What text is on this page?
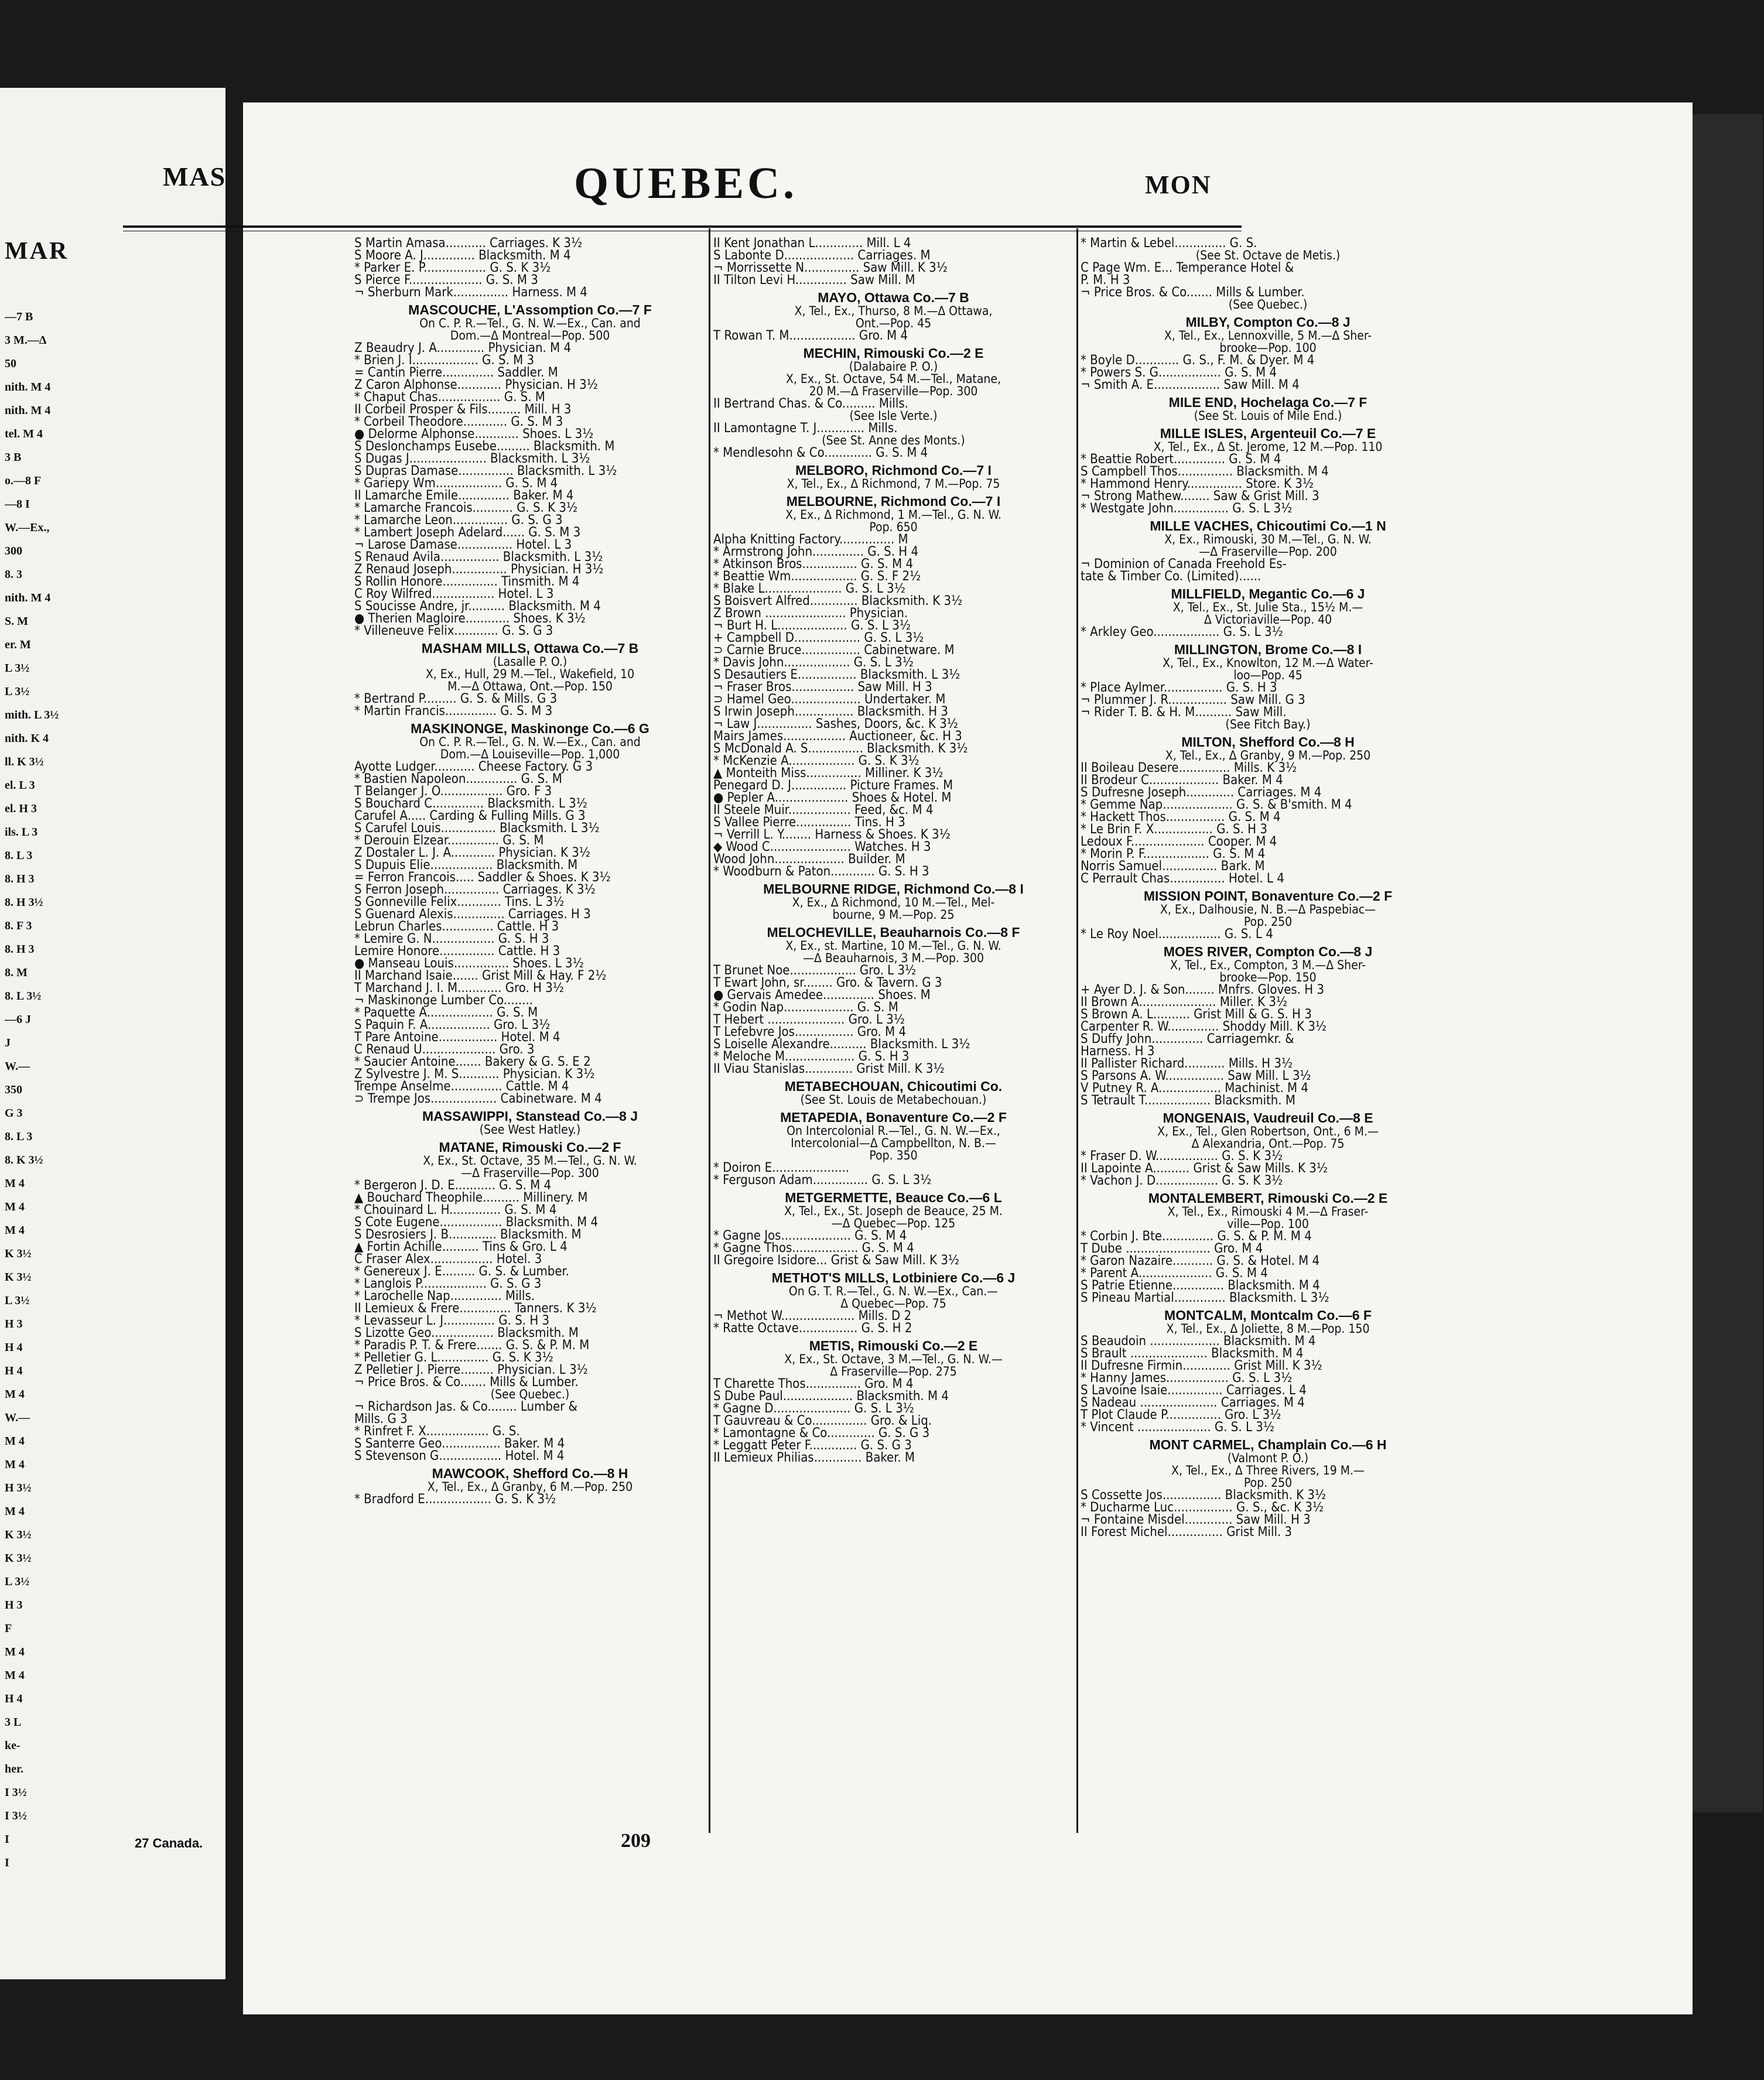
MAR
—7 B
3 M.—Δ
50
nith. M 4
nith. M 4
tel. M 4
3 B
o.—8 F
—8 I
W.—Ex.,
300
8. 3
nith. M 4
S. M
er. M
L 3½
L 3½
mith. L 3½
nith. K 4
ll. K 3½
el. L 3
el. H 3
ils. L 3
8. L 3
8. H 3
8. H 3½
8. F 3
8. H 3
8. M
8. L 3½
—6 J
J
W.—
350
G 3
8. L 3
8. K 3½
M 4
M 4
M 4
K 3½
K 3½
L 3½
H 3
H 4
H 4
M 4
W.—
M 4
M 4
H 3½
M 4
K 3½
K 3½
L 3½
H 3
F
M 4
M 4
H 4
3 L
ke-
her.
I 3½
I 3½
I
I
MAS	QUEBEC.	MON
S Martin Amasa........... Carriages. K 3½
S Moore A. J.............. Blacksmith. M 4
* Parker E. P................. G. S. K 3½
S Pierce F.................... G. S. M 3
¬ Sherburn Mark............... Harness. M 4
MASCOUCHE, L'Assomption Co.—7 F
On C. P. R.—Tel., G. N. W.—Ex., Can. and
Dom.—Δ Montreal—Pop. 500
Z Beaudry J. A............. Physician. M 4
* Brien J. I.................. G. S. M 3
= Cantin Pierre.............. Saddler. M
Z Caron Alphonse............ Physician. H 3½
* Chaput Chas................. G. S. M
II Corbeil Prosper & Fils......... Mill. H 3
* Corbeil Theodore............ G. S. M 3
● Delorme Alphonse............ Shoes. L 3½
S Deslonchamps Eusebe......... Blacksmith. M
S Dugas J..................... Blacksmith. L 3½
S Dupras Damase............... Blacksmith. L 3½
* Gariepy Wm.................. G. S. M 4
II Lamarche Emile.............. Baker. M 4
* Lamarche Francois........... G. S. K 3½
* Lamarche Leon............... G. S. G 3
* Lambert Joseph Adelard...... G. S. M 3
¬ Larose Damase............... Hotel. L 3
S Renaud Avila................ Blacksmith. L 3½
Z Renaud Joseph............... Physician. H 3½
S Rollin Honore............... Tinsmith. M 4
C Roy Wilfred................. Hotel. L 3
S Soucisse Andre, jr.......... Blacksmith. M 4
● Therien Magloire............ Shoes. K 3½
* Villeneuve Felix............ G. S. G 3
MASHAM MILLS, Ottawa Co.—7 B
(Lasalle P. O.)
X, Ex., Hull, 29 M.—Tel., Wakefield, 10
M.—Δ Ottawa, Ont.—Pop. 150
* Bertrand P......... G. S. & Mills. G 3
* Martin Francis.............. G. S. M 3
MASKINONGE, Maskinonge Co.—6 G
On C. P. R.—Tel., G. N. W.—Ex., Can. and
Dom.—Δ Louiseville—Pop. 1,000
Ayotte Ludger........... Cheese Factory. G 3
* Bastien Napoleon.............. G. S. M
T Belanger J. O................. Gro. F 3
S Bouchard C.............. Blacksmith. L 3½
Carufel A..... Carding & Fulling Mills. G 3
S Carufel Louis............... Blacksmith. L 3½
* Derouin Elzear.............. G. S. M
Z Dostaler L. J. A............ Physician. K 3½
S Dupuis Elie................. Blacksmith. M
= Ferron Francois..... Saddler & Shoes. K 3½
S Ferron Joseph............... Carriages. K 3½
S Gonneville Felix............ Tins. L 3½
S Guenard Alexis.............. Carriages. H 3
Lebrun Charles.............. Cattle. H 3
* Lemire G. N................. G. S. H 3
Lemire Honore............... Cattle. H 3
● Manseau Louis............... Shoes. L 3½
II Marchand Isaie....... Grist Mill & Hay. F 2½
T Marchand J. I. M............ Gro. H 3½
¬ Maskinonge Lumber Co........
* Paquette A.................. G. S. M
S Paquin F. A................. Gro. L 3½
T Pare Antoine................ Hotel. M 4
C Renaud U.................... Gro. 3
* Saucier Antoine....... Bakery & G. S. E 2
Z Sylvestre J. M. S........... Physician. K 3½
Trempe Anselme.............. Cattle. M 4
⊃ Trempe Jos.................. Cabinetware. M 4
MASSAWIPPI, Stanstead Co.—8 J
(See West Hatley.)
MATANE, Rimouski Co.—2 F
X, Ex., St. Octave, 35 M.—Tel., G. N. W.
—Δ Fraserville—Pop. 300
* Bergeron J. D. E........... G. S. M 4
▲ Bouchard Theophile.......... Millinery. M
* Chouinard L. H.............. G. S. M 4
S Cote Eugene................. Blacksmith. M 4
S Desrosiers J. B............. Blacksmith. M
▲ Fortin Achille.......... Tins & Gro. L 4
C Fraser Alex................. Hotel. 3
* Genereux J. E......... G. S. & Lumber.
* Langlois P.................. G. S. G 3
* Larochelle Nap.............. Mills.
II Lemieux & Frere.............. Tanners. K 3½
* Levasseur L. J.............. G. S. H 3
S Lizotte Geo................. Blacksmith. M
* Paradis P. T. & Frere....... G. S. & P. M. M
* Pelletier G. L.............. G. S. K 3½
Z Pelletier J. Pierre......... Physician. L 3½
¬ Price Bros. & Co....... Mills & Lumber.
(See Quebec.)
¬ Richardson Jas. & Co........ Lumber &
Mills. G 3
* Rinfret F. X................. G. S.
S Santerre Geo................ Baker. M 4
S Stevenson G................. Hotel. M 4
MAWCOOK, Shefford Co.—8 H
X, Tel., Ex., Δ Granby, 6 M.—Pop. 250
* Bradford E.................. G. S. K 3½
II Kent Jonathan L............. Mill. L 4
S Labonte D................... Carriages. M
¬ Morrissette N............... Saw Mill. K 3½
II Tilton Levi H.............. Saw Mill. M
MAYO, Ottawa Co.—7 B
X, Tel., Ex., Thurso, 8 M.—Δ Ottawa,
Ont.—Pop. 45
T Rowan T. M.................. Gro. M 4
MECHIN, Rimouski Co.—2 E
(Dalabaire P. O.)
X, Ex., St. Octave, 54 M.—Tel., Matane,
20 M.—Δ Fraserville—Pop. 300
II Bertrand Chas. & Co......... Mills.
(See Isle Verte.)
II Lamontagne T. J............. Mills.
(See St. Anne des Monts.)
* Mendlesohn & Co............. G. S. M 4
MELBORO, Richmond Co.—7 I
X, Tel., Ex., Δ Richmond, 7 M.—Pop. 75
MELBOURNE, Richmond Co.—7 I
X, Ex., Δ Richmond, 1 M.—Tel., G. N. W.
Pop. 650
Alpha Knitting Factory............... M
* Armstrong John.............. G. S. H 4
* Atkinson Bros............... G. S. M 4
* Beattie Wm.................. G. S. F 2½
* Blake L..................... G. S. L 3½
S Boisvert Alfred............. Blacksmith. K 3½
Z Brown ...................... Physician.
¬ Burt H. L................... G. S. L 3½
+ Campbell D.................. G. S. L 3½
⊃ Carnie Bruce................ Cabinetware. M
* Davis John.................. G. S. L 3½
S Desautiers E................ Blacksmith. L 3½
¬ Fraser Bros................. Saw Mill. H 3
⊃ Hamel Geo................... Undertaker. M
S Irwin Joseph................ Blacksmith. H 3
¬ Law J............... Sashes, Doors, &c. K 3½
Mairs James................. Auctioneer, &c. H 3
S McDonald A. S............... Blacksmith. K 3½
* McKenzie A.................. G. S. K 3½
▲ Monteith Miss............... Milliner. K 3½
Penegard D. J............... Picture Frames. M
● Pepler A.................... Shoes & Hotel. M
II Steele Muir................. Feed, &c. M 4
S Vallee Pierre............... Tins. H 3
¬ Verrill L. Y........ Harness & Shoes. K 3½
◆ Wood C...................... Watches. H 3
Wood John................... Builder. M
* Woodburn & Paton............ G. S. H 3
MELBOURNE RIDGE, Richmond Co.—8 I
X, Ex., Δ Richmond, 10 M.—Tel., Mel-
bourne, 9 M.—Pop. 25
MELOCHEVILLE, Beauharnois Co.—8 F
X, Ex., st. Martine, 10 M.—Tel., G. N. W.
—Δ Beauharnois, 3 M.—Pop. 300
T Brunet Noe.................. Gro. L 3½
T Ewart John, sr........ Gro. & Tavern. G 3
● Gervais Amedee.............. Shoes. M
* Godin Nap................... G. S. M
T Hebert ..................... Gro. L 3½
T Lefebvre Jos................ Gro. M 4
S Loiselle Alexandre.......... Blacksmith. L 3½
* Meloche M................... G. S. H 3
II Viau Stanislas............. Grist Mill. K 3½
METABECHOUAN, Chicoutimi Co.
(See St. Louis de Metabechouan.)
METAPEDIA, Bonaventure Co.—2 F
On Intercolonial R.—Tel., G. N. W.—Ex.,
Intercolonial—Δ Campbellton, N. B.—
Pop. 350
* Doiron E.....................
* Ferguson Adam............... G. S. L 3½
METGERMETTE, Beauce Co.—6 L
X, Tel., Ex., St. Joseph de Beauce, 25 M.
—Δ Quebec—Pop. 125
* Gagne Jos................... G. S. M 4
* Gagne Thos.................. G. S. M 4
II Gregoire Isidore... Grist & Saw Mill. K 3½
METHOT'S MILLS, Lotbiniere Co.—6 J
On G. T. R.—Tel., G. N. W.—Ex., Can.—
Δ Quebec—Pop. 75
¬ Methot W.................... Mills. D 2
* Ratte Octave................ G. S. H 2
METIS, Rimouski Co.—2 E
X, Ex., St. Octave, 3 M.—Tel., G. N. W.—
Δ Fraserville—Pop. 275
T Charette Thos............... Gro. M 4
S Dube Paul................... Blacksmith. M 4
* Gagne D..................... G. S. L 3½
T Gauvreau & Co............... Gro. & Liq.
* Lamontagne & Co............. G. S. G 3
* Leggatt Peter F............. G. S. G 3
II Lemieux Philias............. Baker. M
* Martin & Lebel.............. G. S.
(See St. Octave de Metis.)
C Page Wm. E... Temperance Hotel &
P. M. H 3
¬ Price Bros. & Co....... Mills & Lumber.
(See Quebec.)
MILBY, Compton Co.—8 J
X, Tel., Ex., Lennoxville, 5 M.—Δ Sher-
brooke—Pop. 100
* Boyle D............ G. S., F. M. & Dyer. M 4
* Powers S. G................. G. S. M 4
¬ Smith A. E.................. Saw Mill. M 4
MILE END, Hochelaga Co.—7 F
(See St. Louis of Mile End.)
MILLE ISLES, Argenteuil Co.—7 E
X, Tel., Ex., Δ St. Jerome, 12 M.—Pop. 110
* Beattie Robert.............. G. S. M 4
S Campbell Thos............... Blacksmith. M 4
* Hammond Henry............... Store. K 3½
¬ Strong Mathew........ Saw & Grist Mill. 3
* Westgate John............... G. S. L 3½
MILLE VACHES, Chicoutimi Co.—1 N
X, Ex., Rimouski, 30 M.—Tel., G. N. W.
—Δ Fraserville—Pop. 200
¬ Dominion of Canada Freehold Es-
tate & Timber Co. (Limited)......
MILLFIELD, Megantic Co.—6 J
X, Tel., Ex., St. Julie Sta., 15½ M.—
Δ Victoriaville—Pop. 40
* Arkley Geo.................. G. S. L 3½
MILLINGTON, Brome Co.—8 I
X, Tel., Ex., Knowlton, 12 M.—Δ Water-
loo—Pop. 45
* Place Aylmer................ G. S. H 3
¬ Plummer J. R................ Saw Mill. G 3
¬ Rider T. B. & H. M.......... Saw Mill.
(See Fitch Bay.)
MILTON, Shefford Co.—8 H
X, Tel., Ex., Δ Granby, 9 M.—Pop. 250
II Boileau Desere.............. Mills. K 3½
II Brodeur C................... Baker. M 4
S Dufresne Joseph............. Carriages. M 4
* Gemme Nap................... G. S. & B'smith. M 4
* Hackett Thos................ G. S. M 4
* Le Brin F. X................ G. S. H 3
Ledoux F.................... Cooper. M 4
* Morin P. F.................. G. S. M 4
Norris Samuel............... Bark. M
C Perrault Chas............... Hotel. L 4
MISSION POINT, Bonaventure Co.—2 F
X, Ex., Dalhousie, N. B.—Δ Paspebiac—
Pop. 250
* Le Roy Noel................. G. S. L 4
MOES RIVER, Compton Co.—8 J
X, Tel., Ex., Compton, 3 M.—Δ Sher-
brooke—Pop. 150
+ Ayer D. J. & Son........ Mnfrs. Gloves. H 3
II Brown A..................... Miller. K 3½
S Brown A. L.......... Grist Mill & G. S. H 3
Carpenter R. W.............. Shoddy Mill. K 3½
S Duffy John.............. Carriagemkr. &
Harness. H 3
II Pallister Richard........... Mills. H 3½
S Parsons A. W................ Saw Mill. L 3½
V Putney R. A................. Machinist. M 4
S Tetrault T.................. Blacksmith. M
MONGENAIS, Vaudreuil Co.—8 E
X, Ex., Tel., Glen Robertson, Ont., 6 M.—
Δ Alexandria, Ont.—Pop. 75
* Fraser D. W................. G. S. K 3½
II Lapointe A.......... Grist & Saw Mills. K 3½
* Vachon J. D................. G. S. K 3½
MONTALEMBERT, Rimouski Co.—2 E
X, Tel., Ex., Rimouski 4 M.—Δ Fraser-
ville—Pop. 100
* Corbin J. Bte.............. G. S. & P. M. M 4
T Dube ....................... Gro. M 4
* Garon Nazaire........... G. S. & Hotel. M 4
* Parent A.................... G. S. M 4
S Patrie Etienne.............. Blacksmith. M 4
S Pineau Martial.............. Blacksmith. L 3½
MONTCALM, Montcalm Co.—6 F
X, Tel., Ex., Δ Joliette, 8 M.—Pop. 150
S Beaudoin ................... Blacksmith. M 4
S Brault ..................... Blacksmith. M 4
II Dufresne Firmin............. Grist Mill. K 3½
* Hanny James................. G. S. L 3½
S Lavoine Isaie............... Carriages. L 4
S Nadeau ..................... Carriages. M 4
T Plot Claude P............... Gro. L 3½
* Vincent .................... G. S. L 3½
MONT CARMEL, Champlain Co.—6 H
(Valmont P. O.)
X, Tel., Ex., Δ Three Rivers, 19 M.—
Pop. 250
S Cossette Jos................ Blacksmith. K 3½
* Ducharme Luc................ G. S., &c. K 3½
¬ Fontaine Misdel............. Saw Mill. H 3
II Forest Michel............... Grist Mill. 3
27 Canada.	209
